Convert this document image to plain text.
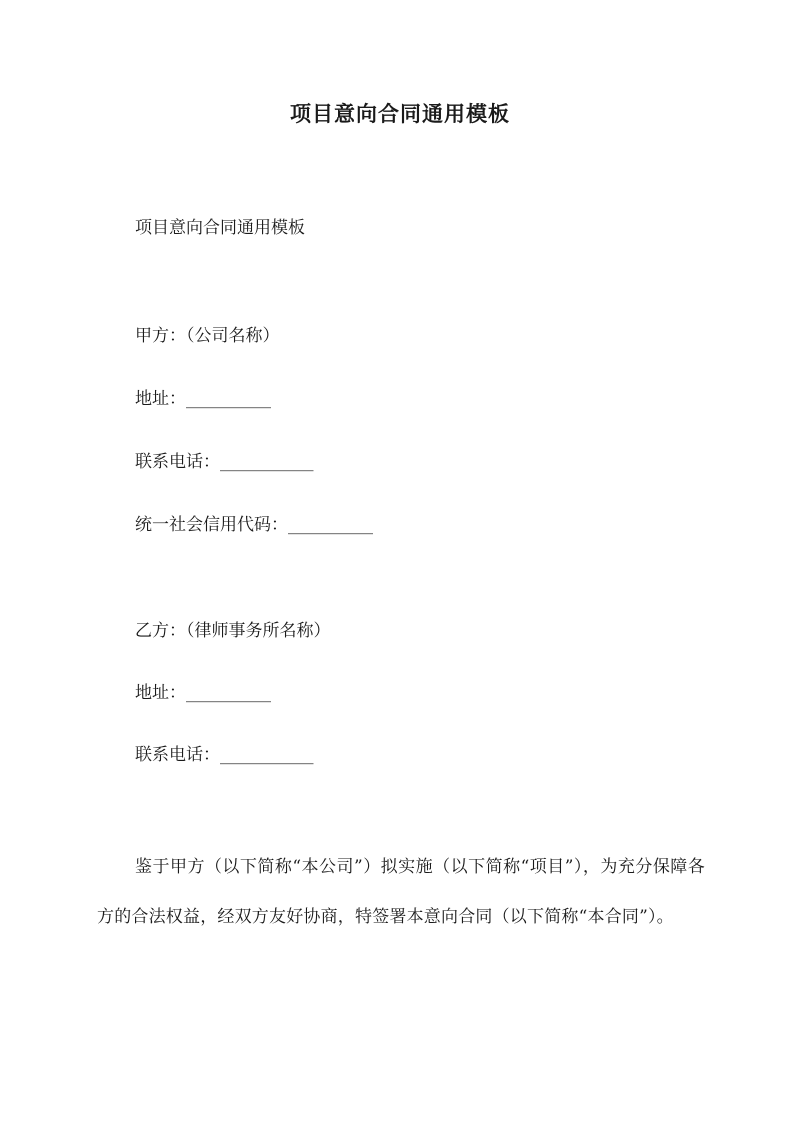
项目意向合同通用模板
项目意向合同通用模板
甲方：（公司名称）
地址：__________
联系电话：___________
统一社会信用代码：__________
乙方：（律师事务所名称）
地址：__________
联系电话：___________
鉴于甲方（以下简称“本公司”）拟实施（以下简称“项目”），为充分保障各方的合法权益，经双方友好协商，特签署本意向合同（以下简称“本合同”）。
